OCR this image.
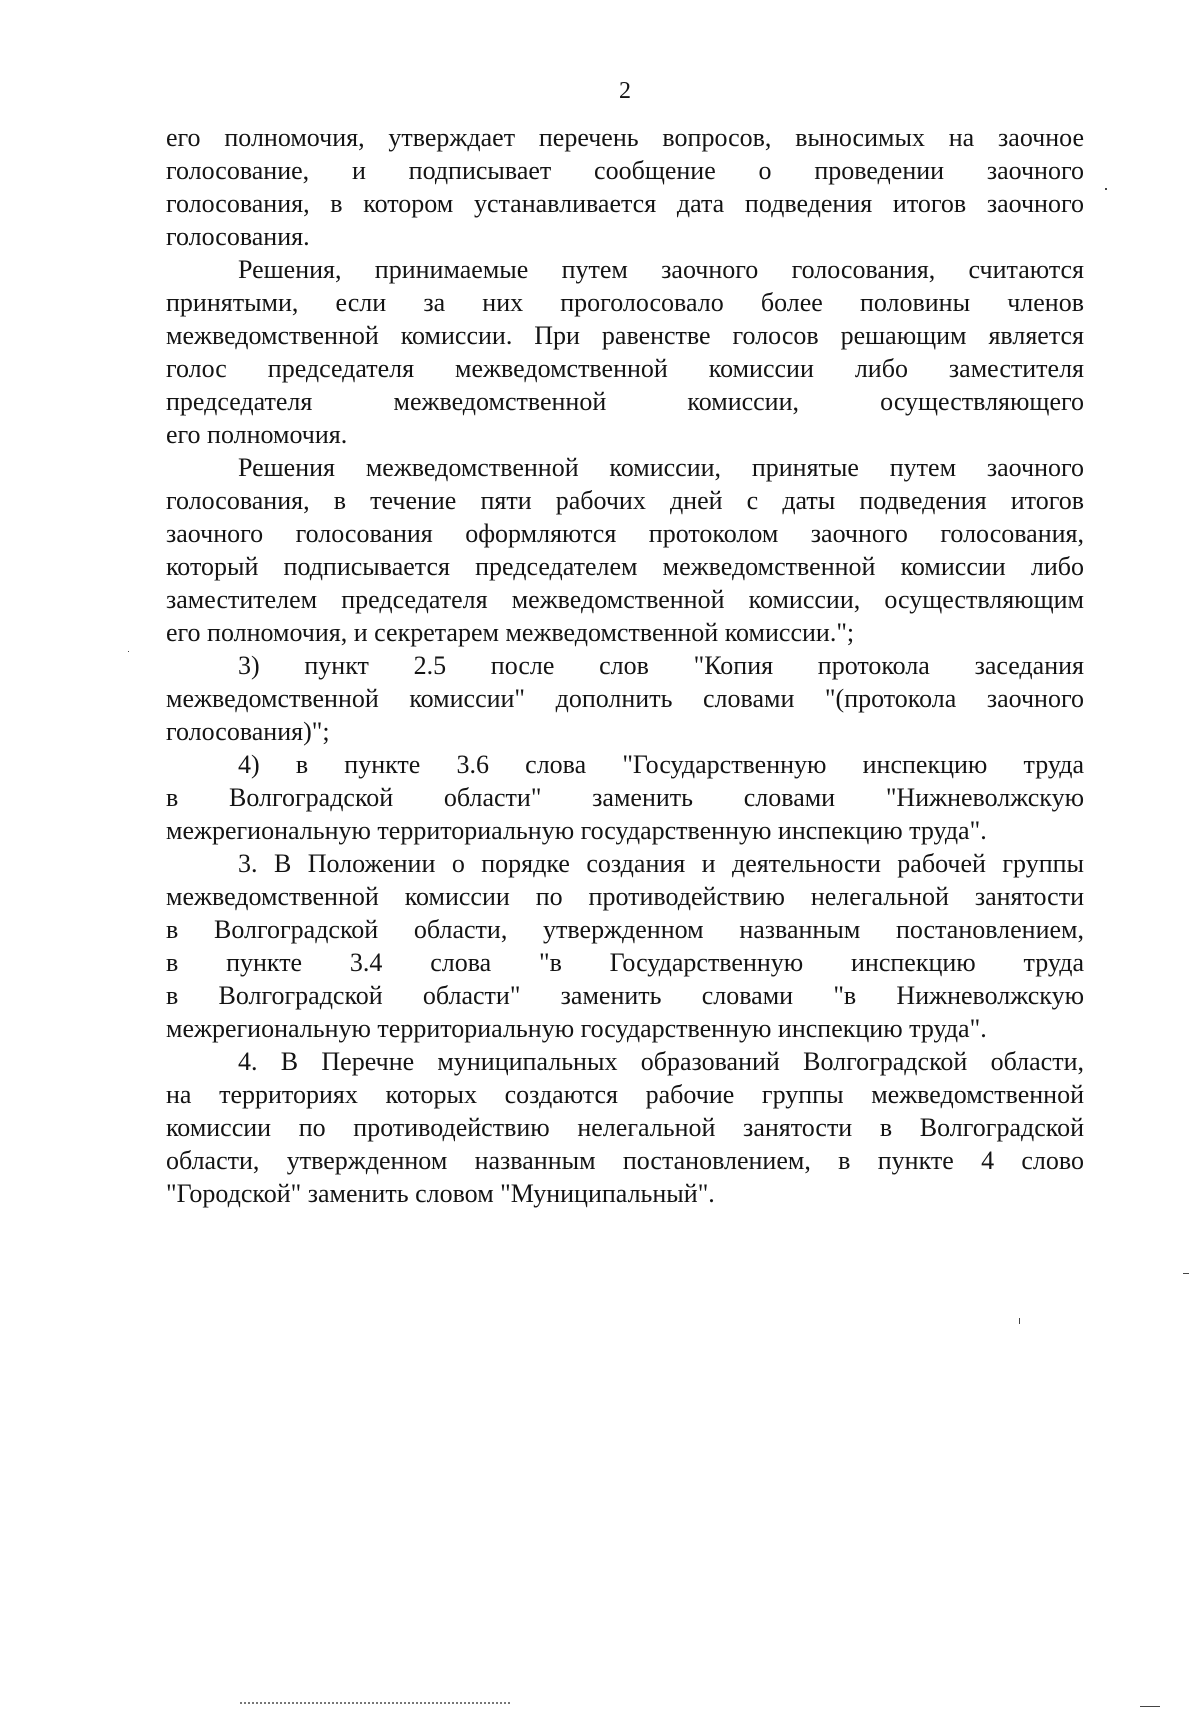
2

его полномочия, утверждает перечень вопросов, выносимых на заочное
голосование, и подписывает сообщение о проведении заочного
голосования, в котором устанавливается дата подведения итогов заочного

голосования.

Решения, принимаемые путем заочного голосования, считаются
принятыми, если за них проголосовало более половины членов
межведомственной комиссии. При равенстве голосов решающим является
голос председателя межведомственной комиссии либо заместителя
председателя межведомственной комиссии, осуществляющего

его полномочия.

Решения межведомственной комиссии, принятые путем заочного
голосования, в течение пяти рабочих дней с даты подведения итогов
заочного голосования оформляются протоколом заочного голосования,
который подписывается председателем межведомственной комиссии либо
заместителем председателя межведомственной комиссии, осуществляющим

его полномочия, и секретарем межведомственной комиссии.";

3) пункт 2.5 после слов "Копия протокола заседания
межведомственной комиссии" дополнить словами "(протокола заочного

голосования)";

4) в пункте 3.6 слова "Государственную инспекцию труда
в Волгоградской области" заменить словами "Нижневолжскую

межрегиональную территориальную государственную инспекцию труда".

3. В Положении о порядке создания и деятельности рабочей группы
межведомственной комиссии по противодействию нелегальной занятости
в Волгоградской области, утвержденном названным постановлением,
в пункте 3.4 слова "в Государственную инспекцию труда
в Волгоградской области" заменить словами "в Нижневолжскую

межрегиональную территориальную государственную инспекцию труда".

4. В Перечне муниципальных образований Волгоградской области,
на территориях которых создаются рабочие группы межведомственной
комиссии по противодействию нелегальной занятости в Волгоградской
области, утвержденном названным постановлением, в пункте 4 слово

"Городской" заменить словом "Муниципальный".
